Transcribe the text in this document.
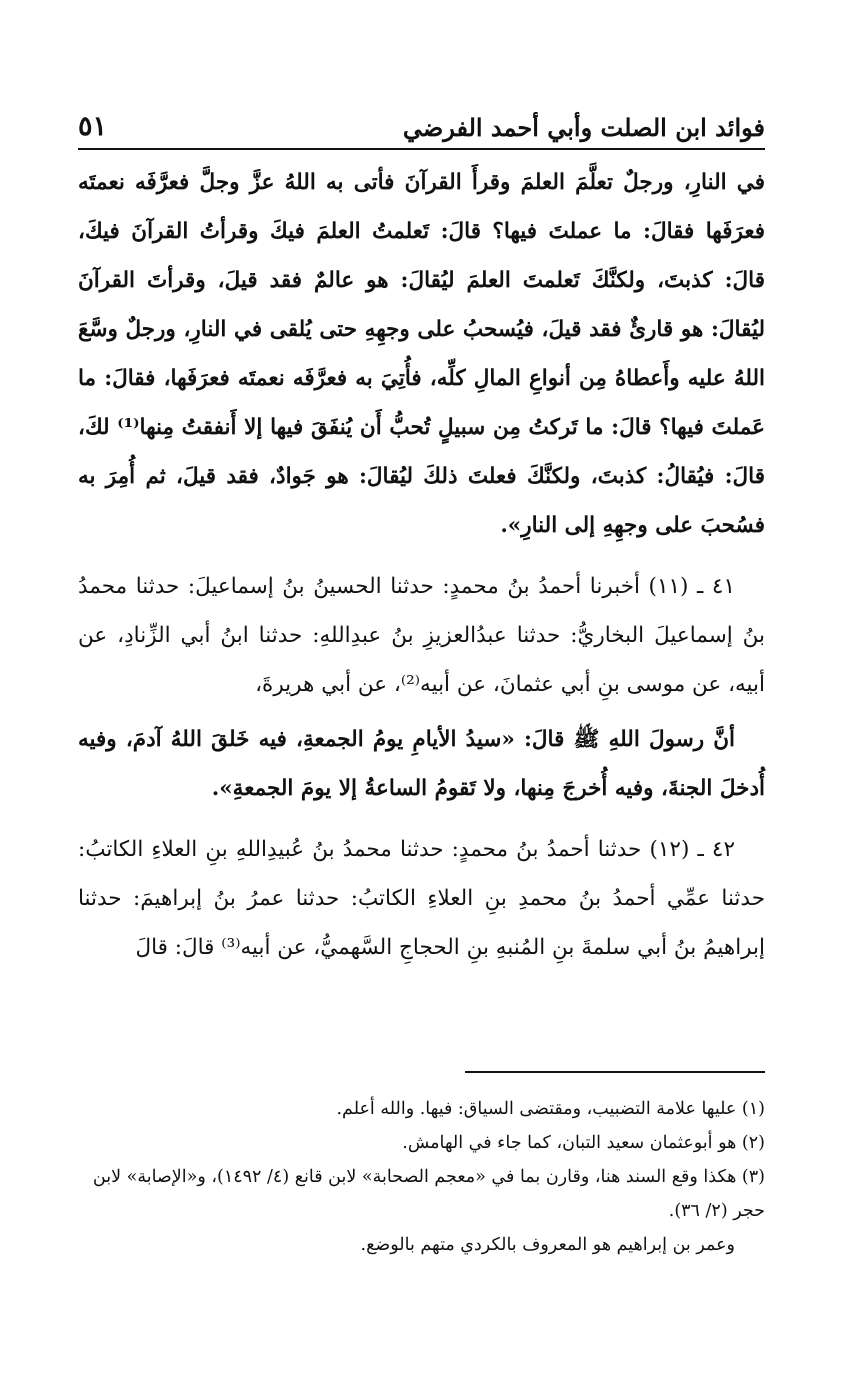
فوائد ابن الصلت وأبي أحمد الفرضي
٥١

في النارِ، ورجلٌ تعلَّمَ العلمَ وقرأَ القرآنَ فأتى به اللهُ عزَّ وجلَّ فعرَّفَه نعمتَه فعرَفَها فقالَ: ما عملتَ فيها؟ قالَ: تَعلمتُ العلمَ فيكَ وقرأتُ القرآنَ فيكَ، قالَ: كذبتَ، ولكنَّكَ تَعلمتَ العلمَ ليُقالَ: هو عالمٌ فقد قيلَ، وقرأتَ القرآنَ ليُقالَ: هو قارئٌ فقد قيلَ، فيُسحبُ على وجهِهِ حتى يُلقى في النارِ، ورجلٌ وسَّعَ اللهُ عليه وأَعطاهُ مِن أنواعِ المالِ كلِّه، فأُتِيَ به فعرَّفَه نعمتَه فعرَفَها، فقالَ: ما عَملتَ فيها؟ قالَ: ما تَركتُ مِن سبيلٍ تُحبُّ أَن يُنفَقَ فيها إلا أَنفقتُ مِنها⁽¹⁾ لكَ، قالَ: فيُقالُ: كذبتَ، ولكنَّكَ فعلتَ ذلكَ ليُقالَ: هو جَوادٌ، فقد قيلَ، ثم أُمِرَ به فسُحبَ على وجهِهِ إلى النارِ».

٤١ ـ (١١) أخبرنا أحمدُ بنُ محمدٍ: حدثنا الحسينُ بنُ إسماعيلَ: حدثنا محمدُ بنُ إسماعيلَ البخاريُّ: حدثنا عبدُالعزيزِ بنُ عبدِاللهِ: حدثنا ابنُ أبي الزِّنادِ، عن أبيه، عن موسى بنِ أبي عثمانَ، عن أبيه⁽²⁾، عن أبي هريرةَ،

أنَّ رسولَ اللهِ ﷺ قالَ: «سيدُ الأيامِ يومُ الجمعةِ، فيه خَلقَ اللهُ آدمَ، وفيه أُدخلَ الجنةَ، وفيه أُخرجَ مِنها، ولا تَقومُ الساعةُ إلا يومَ الجمعةِ».

٤٢ ـ (١٢) حدثنا أحمدُ بنُ محمدٍ: حدثنا محمدُ بنُ عُبيدِاللهِ بنِ العلاءِ الكاتبُ: حدثنا عمِّي أحمدُ بنُ محمدِ بنِ العلاءِ الكاتبُ: حدثنا عمرُ بنُ إبراهيمَ: حدثنا إبراهيمُ بنُ أبي سلمةَ بنِ المُنبهِ بنِ الحجاجِ السَّهميُّ، عن أبيه⁽³⁾ قالَ: قالَ

(١) عليها علامة التضبيب، ومقتضى السياق: فيها. والله أعلم.

(٢) هو أبوعثمان سعيد التبان، كما جاء في الهامش.

(٣) هكذا وقع السند هنا، وقارن بما في «معجم الصحابة» لابن قانع (٤/ ١٤٩٢)، و«الإصابة» لابن حجر (٢/ ٣٦).

وعمر بن إبراهيم هو المعروف بالكردي متهم بالوضع.
